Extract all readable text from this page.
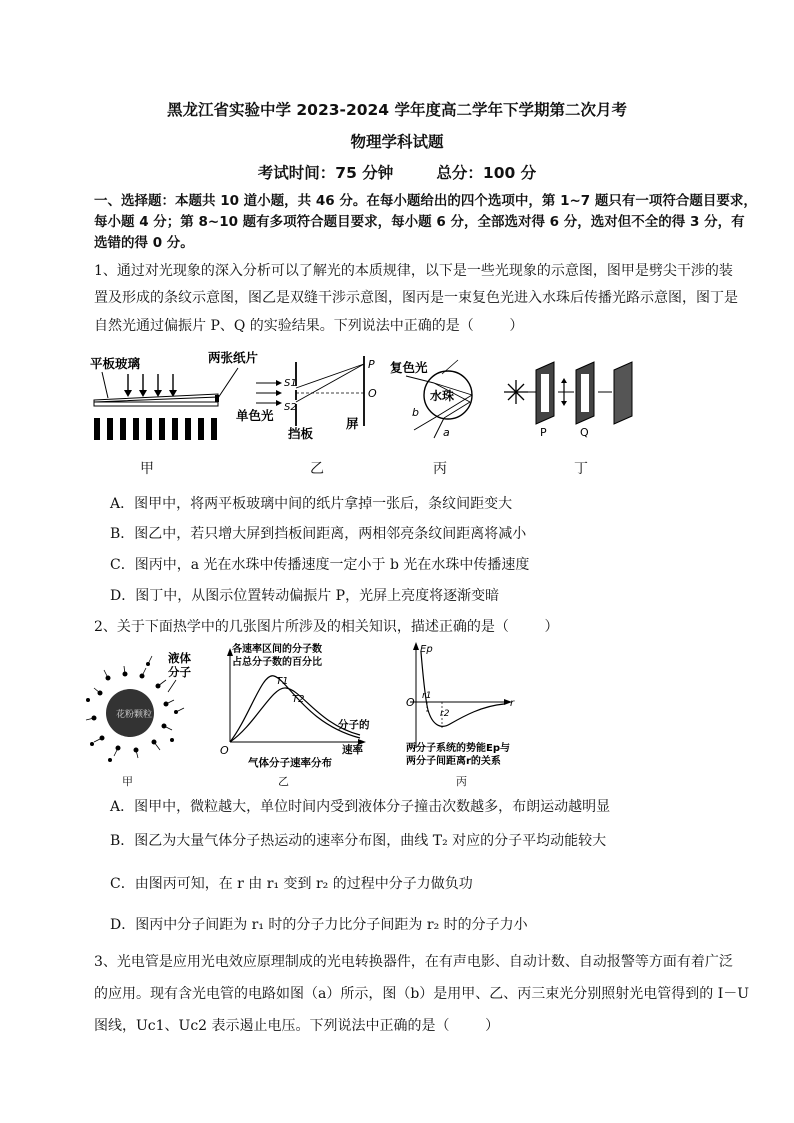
黑龙江省实验中学 2023-2024 学年度高二学年下学期第二次月考
物理学科试题
考试时间：75 分钟        总分：100 分
一、选择题：本题共 10 道小题，共 46 分。在每小题给出的四个选项中，第 1~7 题只有一项符合题目要求，
每小题 4 分；第 8~10 题有多项符合题目要求，每小题 6 分，全部选对得 6 分，选对但不全的得 3 分，有
选错的得 0 分。
1、通过对光现象的深入分析可以了解光的本质规律，以下是一些光现象的示意图，图甲是劈尖干涉的装
置及形成的条纹示意图，图乙是双缝干涉示意图，图丙是一束复色光进入水珠后传播光路示意图，图丁是
自然光通过偏振片 P、Q 的实验结果。下列说法中正确的是（        ）
平板玻璃	两张纸片
单色光
S1
S2
P
O
挡板
屏
复色光
水珠
b
a	P	Q
甲	乙	丙	丁
A．图甲中，将两平板玻璃中间的纸片拿掉一张后，条纹间距变大
B．图乙中，若只增大屏到挡板间距离，两相邻亮条纹间距离将减小
C．图丙中，a 光在水珠中传播速度一定小于 b 光在水珠中传播速度
D．图丁中，从图示位置转动偏振片 P，光屏上亮度将逐渐变暗
2、关于下面热学中的几张图片所涉及的相关知识，描述正确的是（        ）
花粉颗粒
液体
分子
各速率区间的分子数
占总分子数的百分比
T1
T2
分子的
速率
O
气体分子速率分布
Ep
O r1
r2
r
两分子系统的势能Ep与
两分子间距离r的关系
甲	乙	丙
A．图甲中，微粒越大，单位时间内受到液体分子撞击次数越多，布朗运动越明显
B．图乙为大量气体分子热运动的速率分布图，曲线 T₂ 对应的分子平均动能较大
C．由图丙可知，在 r 由 r₁ 变到 r₂ 的过程中分子力做负功
D．图丙中分子间距为 r₁ 时的分子力比分子间距为 r₂ 时的分子力小
3、光电管是应用光电效应原理制成的光电转换器件，在有声电影、自动计数、自动报警等方面有着广泛
的应用。现有含光电管的电路如图（a）所示，图（b）是用甲、乙、丙三束光分别照射光电管得到的 I－U
图线，Uc1、Uc2 表示遏止电压。下列说法中正确的是（        ）
